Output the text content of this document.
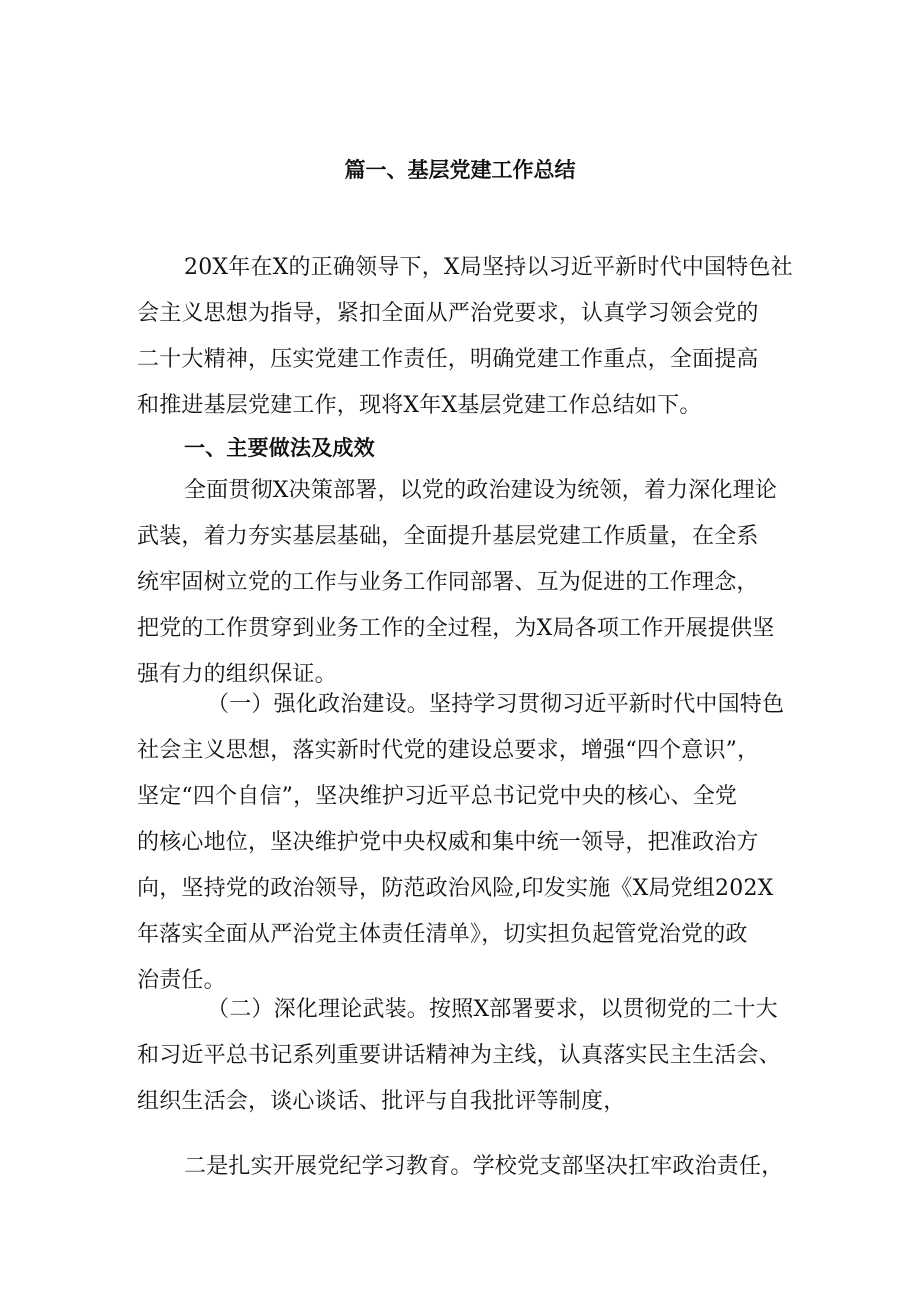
篇一、基层党建工作总结
20X年在X的正确领导下，X局坚持以习近平新时代中国特色社
会主义思想为指导，紧扣全面从严治党要求，认真学习领会党的
二十大精神，压实党建工作责任，明确党建工作重点，全面提高
和推进基层党建工作，现将X年X基层党建工作总结如下。
一、主要做法及成效
全面贯彻X决策部署，以党的政治建设为统领，着力深化理论
武装，着力夯实基层基础，全面提升基层党建工作质量，在全系
统牢固树立党的工作与业务工作同部署、互为促进的工作理念，
把党的工作贯穿到业务工作的全过程，为X局各项工作开展提供坚
强有力的组织保证。
（一）强化政治建设。坚持学习贯彻习近平新时代中国特色
社会主义思想，落实新时代党的建设总要求，增强“四个意识”，
坚定“四个自信”，坚决维护习近平总书记党中央的核心、全党
的核心地位，坚决维护党中央权威和集中统一领导，把准政治方
向，坚持党的政治领导，防范政治风险,印发实施《X局党组202X
年落实全面从严治党主体责任清单》，切实担负起管党治党的政
治责任。
（二）深化理论武装。按照X部署要求，以贯彻党的二十大
和习近平总书记系列重要讲话精神为主线，认真落实民主生活会、
组织生活会，谈心谈话、批评与自我批评等制度，
二是扎实开展党纪学习教育。学校党支部坚决扛牢政治责任，
